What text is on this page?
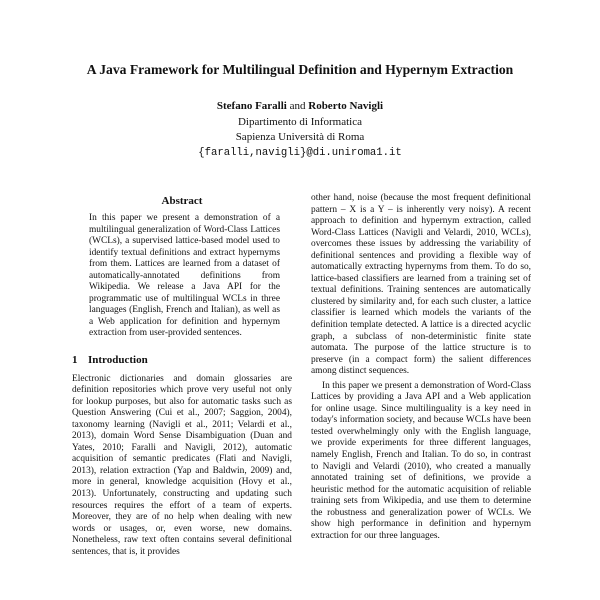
A Java Framework for Multilingual Definition and Hypernym Extraction
Stefano Faralli and Roberto Navigli
Dipartimento di Informatica
Sapienza Università di Roma
{faralli,navigli}@di.uniroma1.it
Abstract

In this paper we present a demonstration of a multilingual generalization of Word-Class Lattices (WCLs), a supervised lattice-based model used to identify textual definitions and extract hypernyms from them. Lattices are learned from a dataset of automatically-annotated definitions from Wikipedia. We release a Java API for the programmatic use of multilingual WCLs in three languages (English, French and Italian), as well as a Web application for definition and hypernym extraction from user-provided sentences.

1 Introduction

Electronic dictionaries and domain glossaries are definition repositories which prove very useful not only for lookup purposes, but also for automatic tasks such as Question Answering (Cui et al., 2007; Saggion, 2004), taxonomy learning (Navigli et al., 2011; Velardi et al., 2013), domain Word Sense Disambiguation (Duan and Yates, 2010; Faralli and Navigli, 2012), automatic acquisition of semantic predicates (Flati and Navigli, 2013), relation extraction (Yap and Baldwin, 2009) and, more in general, knowledge acquisition (Hovy et al., 2013). Unfortunately, constructing and updating such resources requires the effort of a team of experts. Moreover, they are of no help when dealing with new words or usages, or, even worse, new domains. Nonetheless, raw text often contains several definitional sentences, that is, it provides

other hand, noise (because the most frequent definitional pattern – X is a Y – is inherently very noisy). A recent approach to definition and hypernym extraction, called Word-Class Lattices (Navigli and Velardi, 2010, WCLs), overcomes these issues by addressing the variability of definitional sentences and providing a flexible way of automatically extracting hypernyms from them. To do so, lattice-based classifiers are learned from a training set of textual definitions. Training sentences are automatically clustered by similarity and, for each such cluster, a lattice classifier is learned which models the variants of the definition template detected. A lattice is a directed acyclic graph, a subclass of non-deterministic finite state automata. The purpose of the lattice structure is to preserve (in a compact form) the salient differences among distinct sequences.

In this paper we present a demonstration of Word-Class Lattices by providing a Java API and a Web application for online usage. Since multilinguality is a key need in today's information society, and because WCLs have been tested overwhelmingly only with the English language, we provide experiments for three different languages, namely English, French and Italian. To do so, in contrast to Navigli and Velardi (2010), who created a manually annotated training set of definitions, we provide a heuristic method for the automatic acquisition of reliable training sets from Wikipedia, and use them to determine the robustness and generalization power of WCLs. We show high performance in definition and hypernym extraction for our three languages.
